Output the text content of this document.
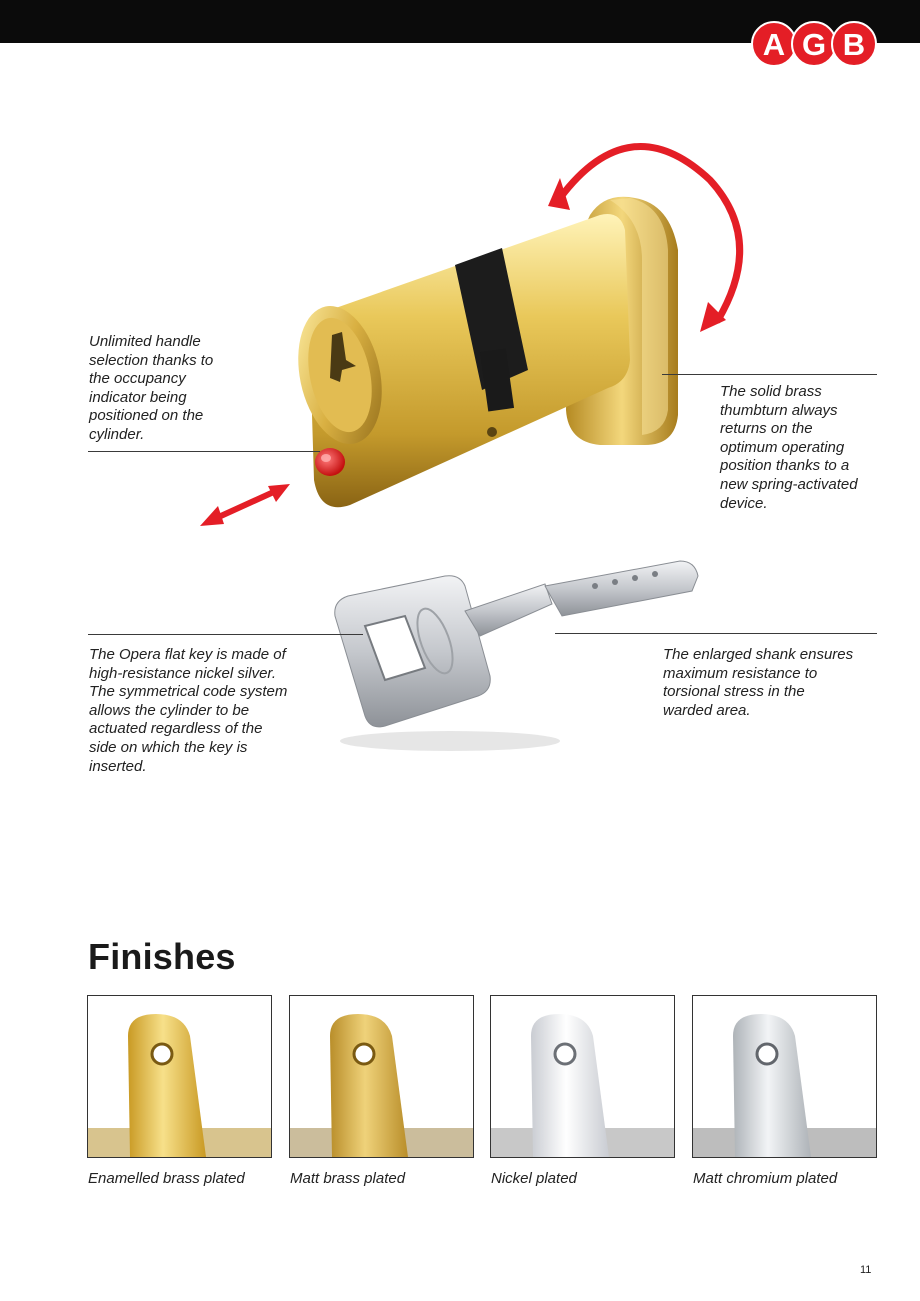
A G B

Unlimited handle
selection thanks to
the occupancy
indicator being
positioned on the
cylinder.

The solid brass
thumbturn always
returns on the
optimum operating
position thanks to a
new spring-activated
device.

The Opera flat key is made of
high-resistance nickel silver.
The symmetrical code system
allows the cylinder to be
actuated regardless of the
side on which the key is
inserted.

The enlarged shank ensures
maximum resistance to
torsional stress in the
warded area.

Finishes

Enamelled brass plated	Matt brass plated	Nickel plated	Matt chromium plated

11
